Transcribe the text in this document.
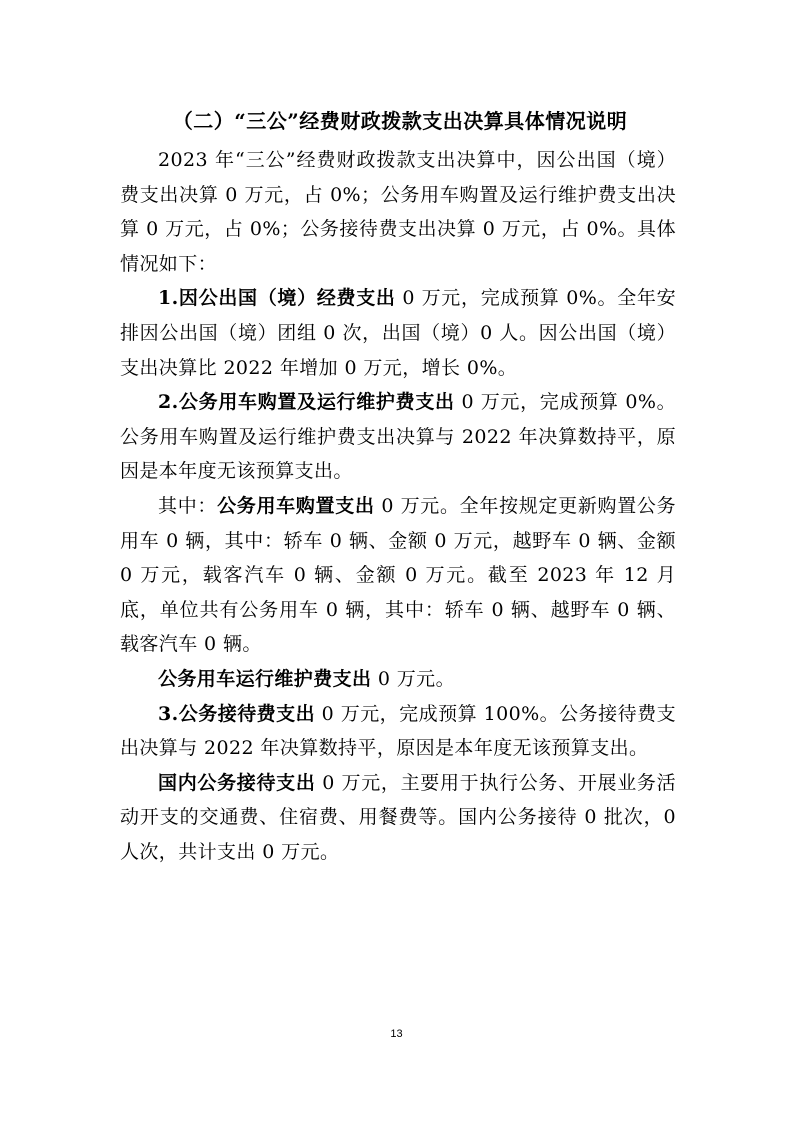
（二）“三公”经费财政拨款支出决算具体情况说明

2023 年“三公”经费财政拨款支出决算中，因公出国（境）费支出决算 0 万元，占 0%；公务用车购置及运行维护费支出决算 0 万元，占 0%；公务接待费支出决算 0 万元，占 0%。具体情况如下：

1.因公出国（境）经费支出 0 万元，完成预算 0%。全年安排因公出国（境）团组 0 次，出国（境）0 人。因公出国（境）支出决算比 2022 年增加 0 万元，增长 0%。

2.公务用车购置及运行维护费支出 0 万元，完成预算 0%。公务用车购置及运行维护费支出决算与 2022 年决算数持平，原因是本年度无该预算支出。

其中：公务用车购置支出 0 万元。全年按规定更新购置公务用车 0 辆，其中：轿车 0 辆、金额 0 万元，越野车 0 辆、金额 0 万元，载客汽车 0 辆、金额 0 万元。截至 2023 年 12 月底，单位共有公务用车 0 辆，其中：轿车 0 辆、越野车 0 辆、载客汽车 0 辆。

公务用车运行维护费支出 0 万元。

3.公务接待费支出 0 万元，完成预算 100%。公务接待费支出决算与 2022 年决算数持平，原因是本年度无该预算支出。

国内公务接待支出 0 万元，主要用于执行公务、开展业务活动开支的交通费、住宿费、用餐费等。国内公务接待 0 批次，0 人次，共计支出 0 万元。

13
